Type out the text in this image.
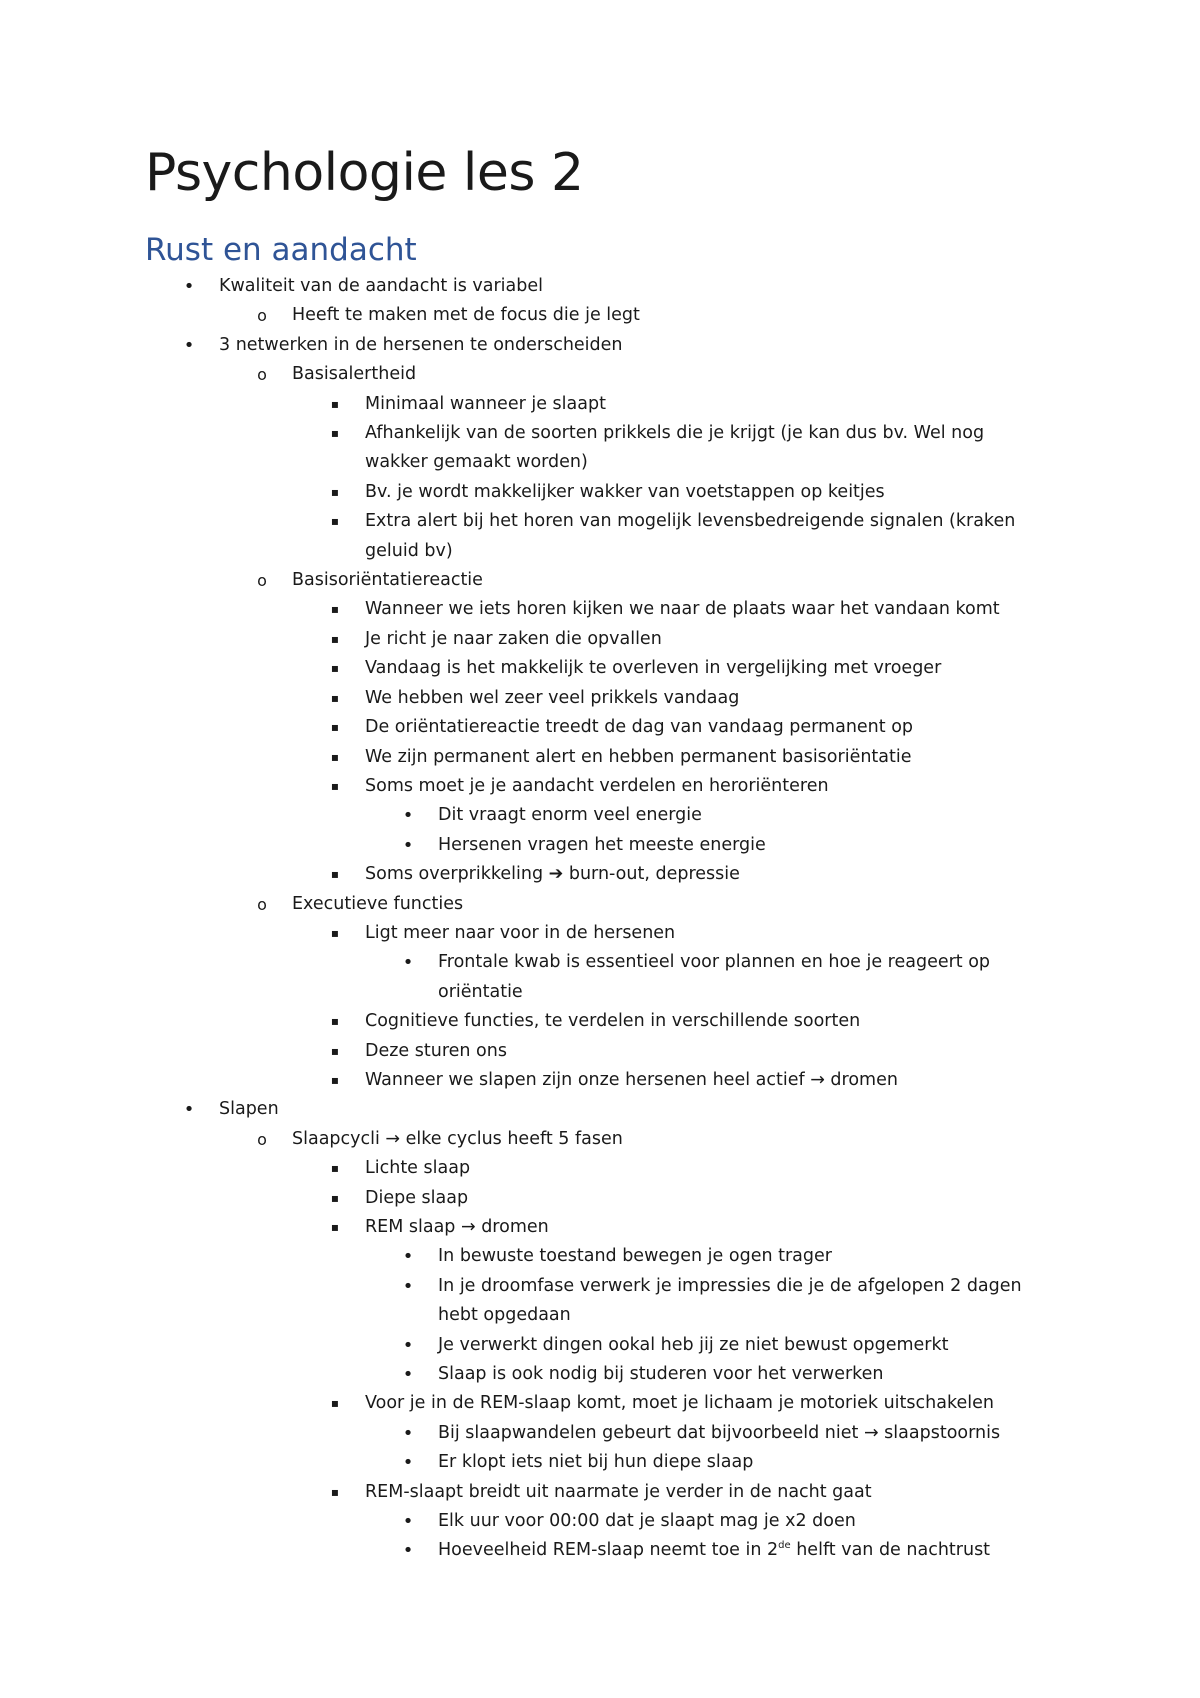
Psychologie les 2
Rust en aandacht
• Kwaliteit van de aandacht is variabel
o Heeft te maken met de focus die je legt
• 3 netwerken in de hersenen te onderscheiden
o Basisalertheid
▪	Minimaal wanneer je slaapt
▪	Afhankelijk van de soorten prikkels die je krijgt (je kan dus bv. Wel nog wakker gemaakt worden)
▪	Bv. je wordt makkelijker wakker van voetstappen op keitjes
▪	Extra alert bij het horen van mogelijk levensbedreigende signalen (kraken geluid bv)
o Basisoriëntatiereactie
▪	Wanneer we iets horen kijken we naar de plaats waar het vandaan komt
▪	Je richt je naar zaken die opvallen
▪	Vandaag is het makkelijk te overleven in vergelijking met vroeger
▪	We hebben wel zeer veel prikkels vandaag
▪	De oriëntatiereactie treedt de dag van vandaag permanent op
▪	We zijn permanent alert en hebben permanent basisoriëntatie
▪	Soms moet je je aandacht verdelen en heroriënteren
• Dit vraagt enorm veel energie
• Hersenen vragen het meeste energie
▪	Soms overprikkeling ➔ burn-out, depressie
o Executieve functies
▪	Ligt meer naar voor in de hersenen
• Frontale kwab is essentieel voor plannen en hoe je reageert op oriëntatie
▪	Cognitieve functies, te verdelen in verschillende soorten
▪	Deze sturen ons
▪	Wanneer we slapen zijn onze hersenen heel actief → dromen
• Slapen
o Slaapcycli → elke cyclus heeft 5 fasen
▪	Lichte slaap
▪	Diepe slaap
▪	REM slaap → dromen
• In bewuste toestand bewegen je ogen trager
• In je droomfase verwerk je impressies die je de afgelopen 2 dagen hebt opgedaan
• Je verwerkt dingen ookal heb jij ze niet bewust opgemerkt
• Slaap is ook nodig bij studeren voor het verwerken
▪	Voor je in de REM-slaap komt, moet je lichaam je motoriek uitschakelen
• Bij slaapwandelen gebeurt dat bijvoorbeeld niet → slaapstoornis
• Er klopt iets niet bij hun diepe slaap
▪	REM-slaapt breidt uit naarmate je verder in de nacht gaat
• Elk uur voor 00:00 dat je slaapt mag je x2 doen
• Hoeveelheid REM-slaap neemt toe in 2de helft van de nachtrust
